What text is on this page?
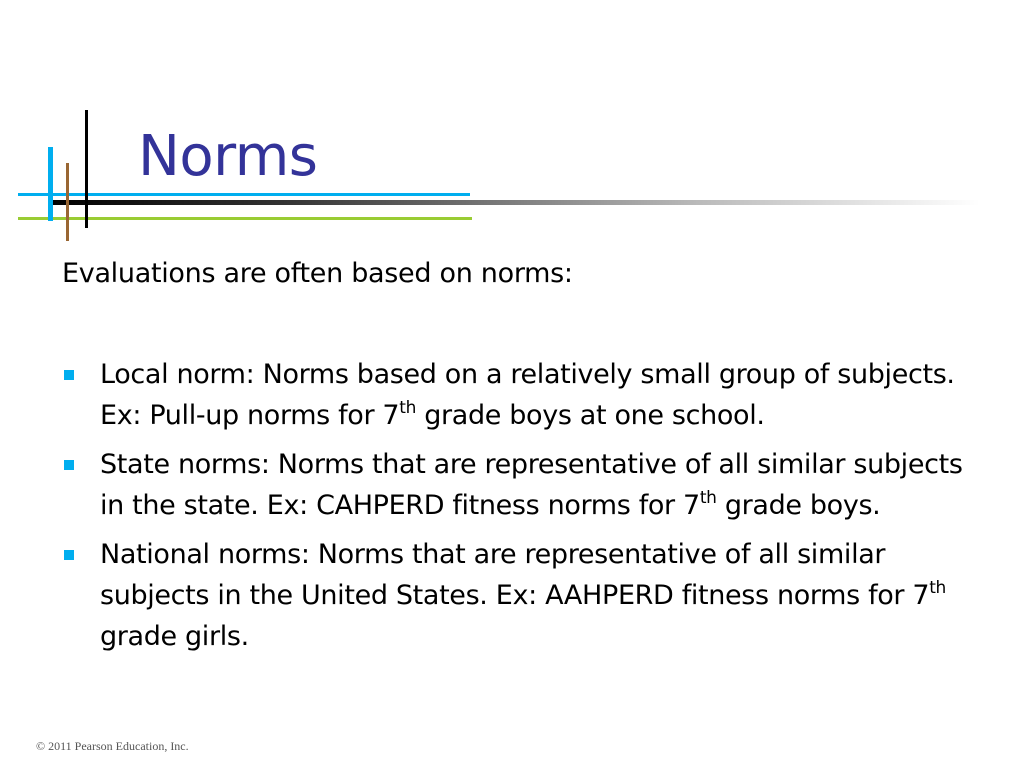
Norms

Evaluations are often based on norms:

Local norm: Norms based on a relatively small group of subjects. Ex: Pull-up norms for 7th grade boys at one school.
State norms: Norms that are representative of all similar subjects in the state. Ex: CAHPERD fitness norms for 7th grade boys.
National norms: Norms that are representative of all similar subjects in the United States. Ex: AAHPERD fitness norms for 7th grade girls.

© 2011 Pearson Education, Inc.
